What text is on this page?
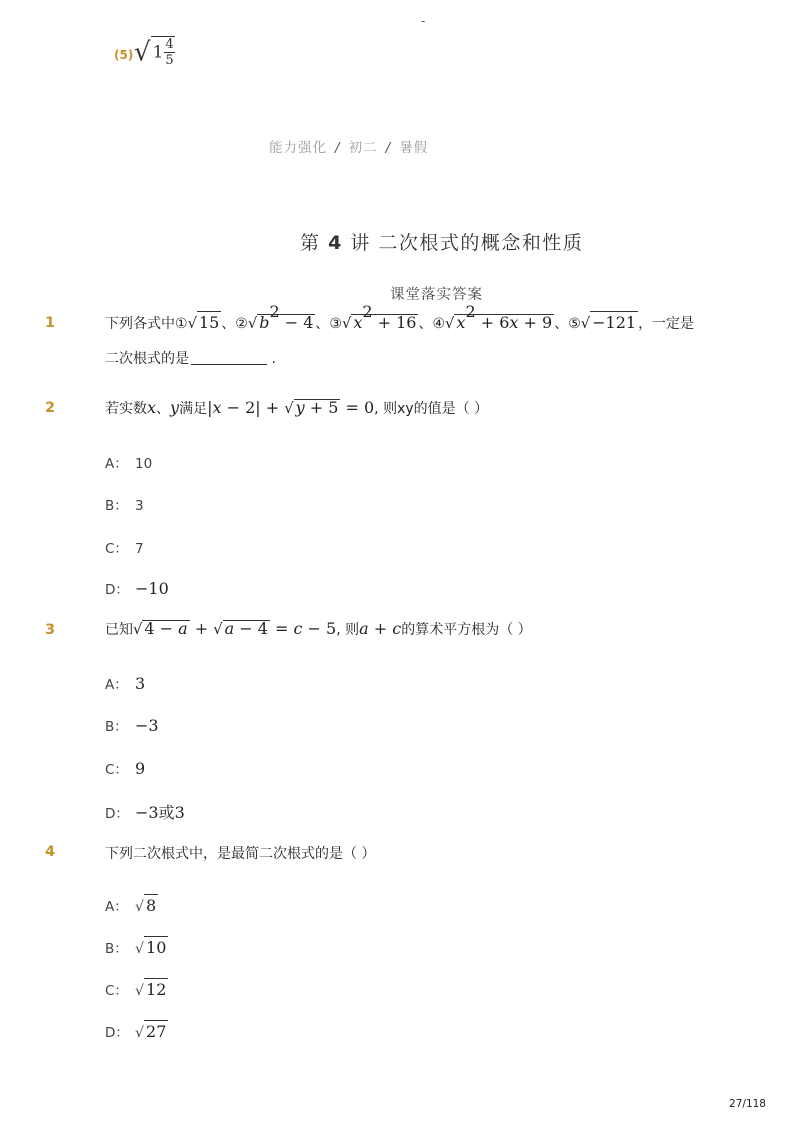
-
(5) √ $1 \frac{4}{5}$
能力强化 / 初二 / 暑假
第 4 讲 二次根式的概念和性质
课堂落实答案
1	下列各式中①√ 15 、②√ $b^2 - 4$ 、③√ $x^2 + 16$ 、④√ $x^2 + 6x + 9$ 、⑤√ −121 ，一定是
二次根式的是	.
2	若实数x、y满足|x − 2| + √ y + 5 = 0, 则xy的值是（ ）
A： 10
B： 3
C： 7
D： −10
3	已知√ 4 − a + √ a − 4 = c − 5, 则a + c的算术平方根为（ ）
A： 3
B： −3
C： 9
D： −3或3
4	下列二次根式中，是最简二次根式的是（ ）
A： √ 8
B： √ 10
C： √ 12
D： √ 27
27/118
